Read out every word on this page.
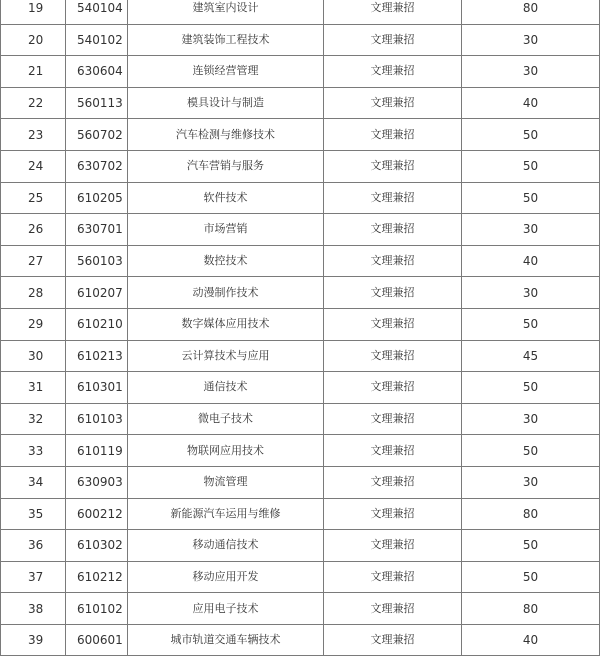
19	540104	建筑室内设计	文理兼招	80
20	540102	建筑装饰工程技术	文理兼招	30
21	630604	连锁经营管理	文理兼招	30
22	560113	模具设计与制造	文理兼招	40
23	560702	汽车检测与维修技术	文理兼招	50
24	630702	汽车营销与服务	文理兼招	50
25	610205	软件技术	文理兼招	50
26	630701	市场营销	文理兼招	30
27	560103	数控技术	文理兼招	40
28	610207	动漫制作技术	文理兼招	30
29	610210	数字媒体应用技术	文理兼招	50
30	610213	云计算技术与应用	文理兼招	45
31	610301	通信技术	文理兼招	50
32	610103	微电子技术	文理兼招	30
33	610119	物联网应用技术	文理兼招	50
34	630903	物流管理	文理兼招	30
35	600212	新能源汽车运用与维修	文理兼招	80
36	610302	移动通信技术	文理兼招	50
37	610212	移动应用开发	文理兼招	50
38	610102	应用电子技术	文理兼招	80
39	600601	城市轨道交通车辆技术	文理兼招	40
